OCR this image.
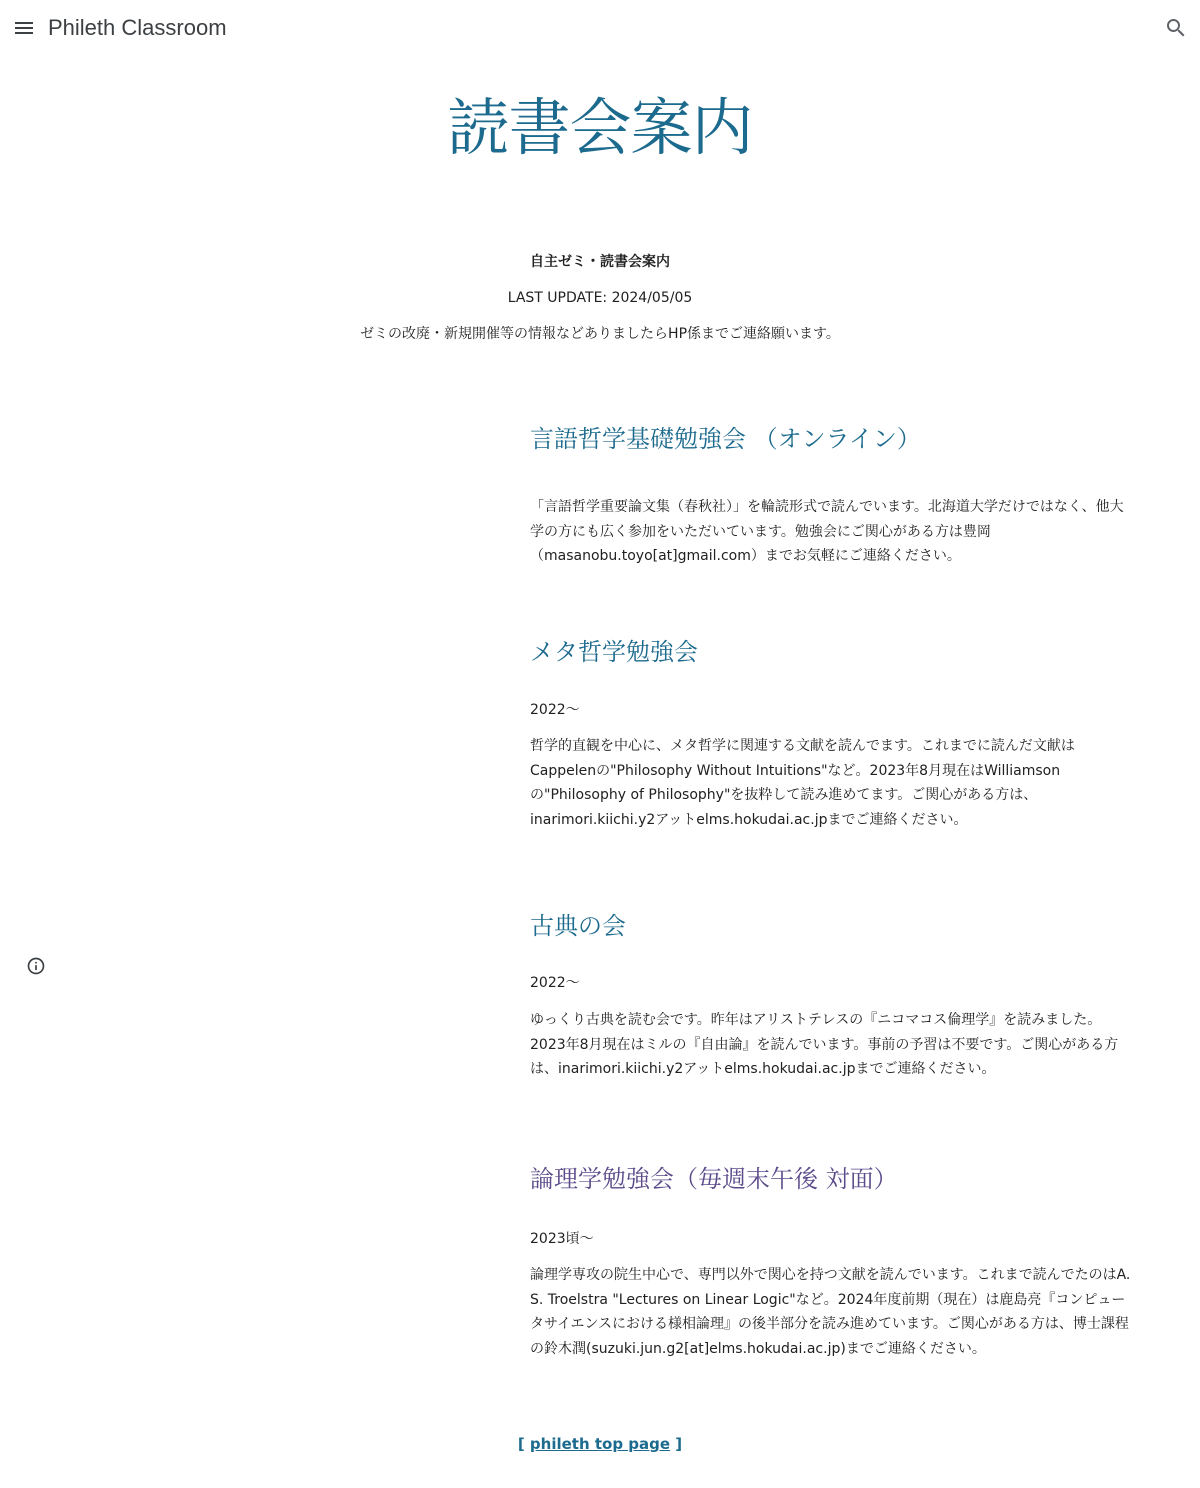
Phileth Classroom
読書会案内

自主ゼミ・読書会案内

LAST UPDATE: 2024/05/05

ゼミの改廃・新規開催等の情報などありましたらHP係までご連絡願います。

言語哲学基礎勉強会 （オンライン）

「言語哲学重要論文集（春秋社）」を輪読形式で読んでいます。北海道大学だけではなく、他大学の方にも広く参加をいただいています。勉強会にご関心がある方は豊岡（masanobu.toyo[at]gmail.com）までお気軽にご連絡ください。

メタ哲学勉強会

2022〜

哲学的直観を中心に、メタ哲学に関連する文献を読んでます。これまでに読んだ文献はCappelenの"Philosophy Without Intuitions"など。2023年8月現在はWilliamsonの"Philosophy of Philosophy"を抜粋して読み進めてます。ご関心がある方は、inarimori.kiichi.y2アットelms.hokudai.ac.jpまでご連絡ください。

古典の会

2022〜

ゆっくり古典を読む会です。昨年はアリストテレスの『ニコマコス倫理学』を読みました。2023年8月現在はミルの『自由論』を読んでいます。事前の予習は不要です。ご関心がある方は、inarimori.kiichi.y2アットelms.hokudai.ac.jpまでご連絡ください。

論理学勉強会（毎週末午後 対面）

2023頃〜

論理学専攻の院生中心で、専門以外で関心を持つ文献を読んでいます。これまで読んでたのはA. S. Troelstra "Lectures on Linear Logic"など。2024年度前期（現在）は鹿島亮『コンピュータサイエンスにおける様相論理』の後半部分を読み進めています。ご関心がある方は、博士課程の鈴木潤(suzuki.jun.g2[at]elms.hokudai.ac.jp)までご連絡ください。

[ phileth top page ]
